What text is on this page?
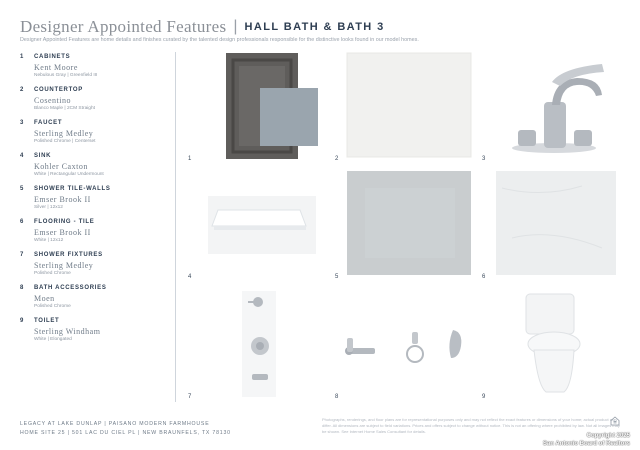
Designer Appointed Features | HALL BATH & BATH 3
Designer Appointed Features are home details and finishes curated by the talented design professionals responsible for the distinctive looks found in our model homes.
1 CABINETS
Kent Moore
Nebulous Gray | Greenfield III
2 COUNTERTOP
Cosentino
Blanco Maple | 2CM Straight
3 FAUCET
Sterling Medley
Polished Chrome | Centerset
4 SINK
Kohler Caxton
White | Rectangular Undermount
5 SHOWER TILE-WALLS
Emser Brook II
Silver | 12x12
6 FLOORING - TILE
Emser Brook II
White | 12x12
7 SHOWER FIXTURES
Sterling Medley
Polished Chrome
8 BATH ACCESSORIES
Moen
Polished Chrome
9 TOILET
Sterling Windham
White | Elongated
1	2	3
4	5	6
7	8	9
LEGACY AT LAKE DUNLAP | PAISANO MODERN FARMHOUSE
HOME SITE 25 | 501 LAC DU CIEL PL | NEW BRAUNFELS, TX 78130
Photographs, renderings, and floor plans are for representational purposes only and may not reflect the exact features or dimensions of your home; actual product may differ. All dimensions are subject to field variations. Prices and offers subject to change without notice. This is not an offering where prohibited by law. Not all images may be shown. See Internet Home Sales Consultant for details.
Copyright 2025
San Antonio Board of Realtors
